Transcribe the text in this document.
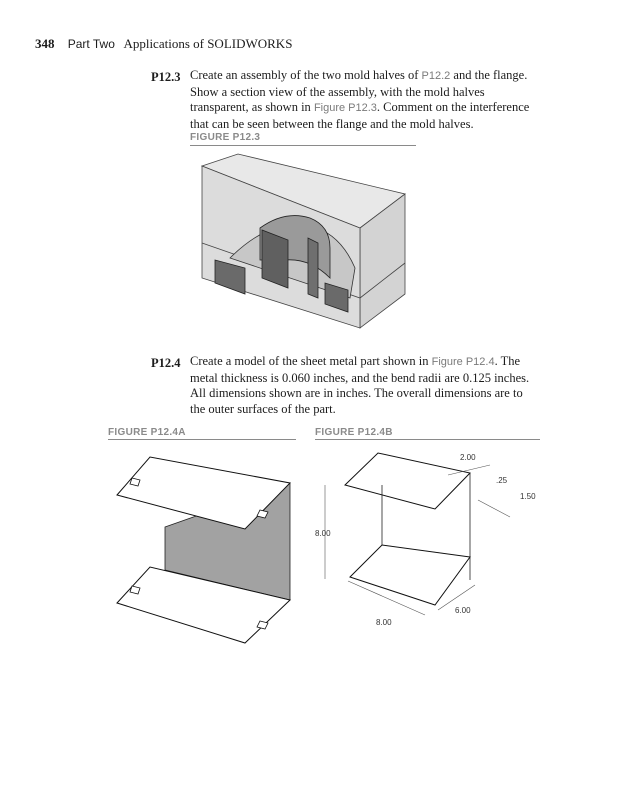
348 Part Two Applications of SOLIDWORKS
P12.3 Create an assembly of the two mold halves of P12.2 and the flange. Show a section view of the assembly, with the mold halves transparent, as shown in Figure P12.3. Comment on the interference that can be seen between the flange and the mold halves.
FIGURE P12.3
P12.4 Create a model of the sheet metal part shown in Figure P12.4. The metal thickness is 0.060 inches, and the bend radii are 0.125 inches. All dimensions shown are in inches. The overall dimensions are to the outer surfaces of the part.
FIGURE P12.4A	FIGURE P12.4B
2.00
.25
1.50
8.00
8.00
6.00
